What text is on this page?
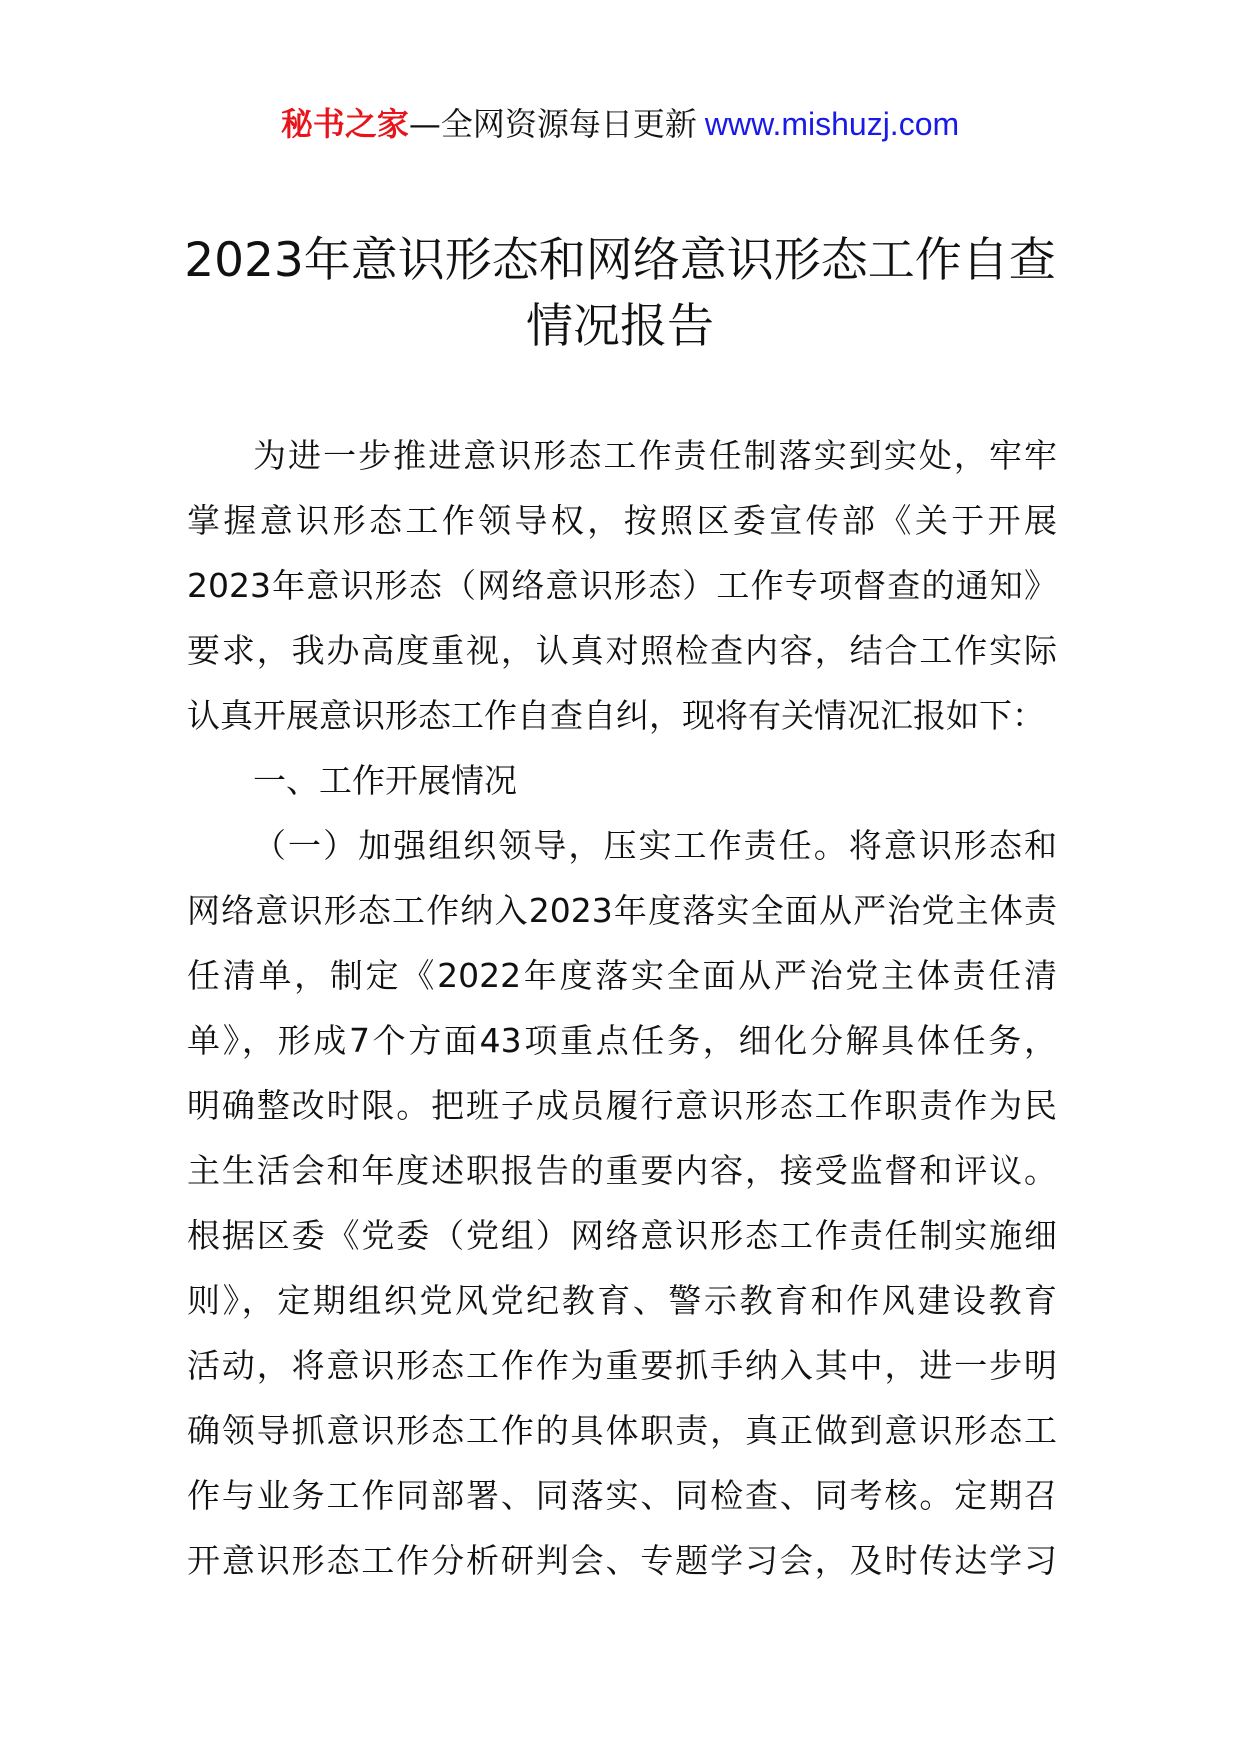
秘书之家—全网资源每日更新 www.mishuzj.com
2023年意识形态和网络意识形态工作自查
情况报告
为进一步推进意识形态工作责任制落实到实处，牢牢
掌握意识形态工作领导权，按照区委宣传部《关于开展
2023年意识形态（网络意识形态）工作专项督查的通知》
要求，我办高度重视，认真对照检查内容，结合工作实际
认真开展意识形态工作自查自纠，现将有关情况汇报如下：
一、工作开展情况
（一）加强组织领导，压实工作责任。将意识形态和
网络意识形态工作纳入2023年度落实全面从严治党主体责
任清单，制定《2022年度落实全面从严治党主体责任清
单》，形成7个方面43项重点任务，细化分解具体任务，
明确整改时限。把班子成员履行意识形态工作职责作为民
主生活会和年度述职报告的重要内容，接受监督和评议。
根据区委《党委（党组）网络意识形态工作责任制实施细
则》，定期组织党风党纪教育、警示教育和作风建设教育
活动，将意识形态工作作为重要抓手纳入其中，进一步明
确领导抓意识形态工作的具体职责，真正做到意识形态工
作与业务工作同部署、同落实、同检查、同考核。定期召
开意识形态工作分析研判会、专题学习会，及时传达学习
